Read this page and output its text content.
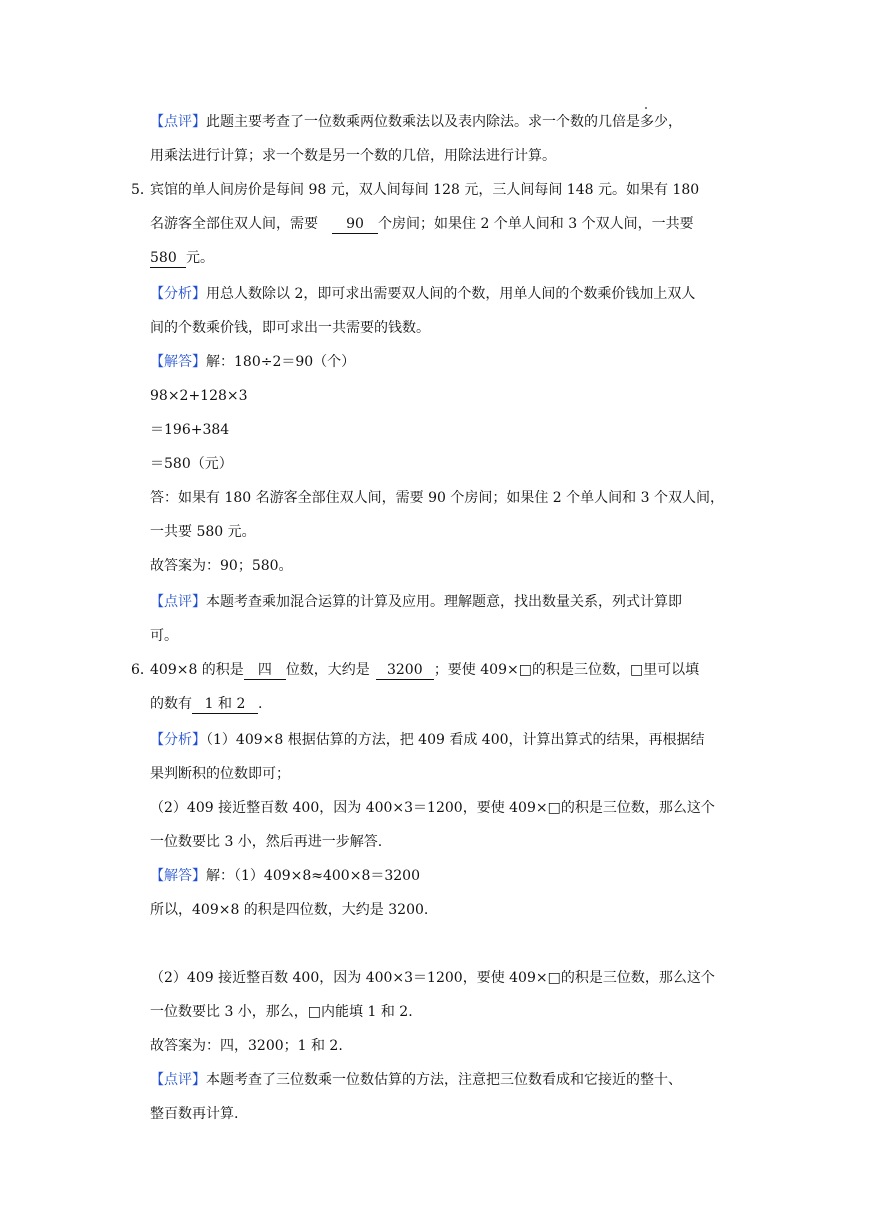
【点评】此题主要考查了一位数乘两位数乘法以及表内除法。求一个数的几倍是多少，
用乘法进行计算；求一个数是另一个数的几倍，用除法进行计算。
5．
宾馆的单人间房价是每间 98 元，双人间每间 128 元，三人间每间 148 元。如果有 180
名游客全部住双人间，需要 90 个房间；如果住 2 个单人间和 3 个双人间，一共要
580 元。
【分析】用总人数除以 2，即可求出需要双人间的个数，用单人间的个数乘价钱加上双人
间的个数乘价钱，即可求出一共需要的钱数。
【解答】解：180÷2＝90（个）
98×2+128×3
＝196+384
＝580（元）
答：如果有 180 名游客全部住双人间，需要 90 个房间；如果住 2 个单人间和 3 个双人间，
一共要 580 元。
故答案为：90；580。
【点评】本题考查乘加混合运算的计算及应用。理解题意，找出数量关系，列式计算即
可。
6．
409×8 的积是 四 位数，大约是 3200 ；要使 409×□的积是三位数，□里可以填
的数有 1 和 2 .
【分析】（1）409×8 根据估算的方法，把 409 看成 400，计算出算式的结果，再根据结
果判断积的位数即可；
（2）409 接近整百数 400，因为 400×3＝1200，要使 409×□的积是三位数，那么这个
一位数要比 3 小，然后再进一步解答.
【解答】解：（1）409×8≈400×8＝3200
所以，409×8 的积是四位数，大约是 3200.
（2）409 接近整百数 400，因为 400×3＝1200，要使 409×□的积是三位数，那么这个
一位数要比 3 小，那么，□内能填 1 和 2.
故答案为：四，3200；1 和 2.
【点评】本题考查了三位数乘一位数估算的方法，注意把三位数看成和它接近的整十、
整百数再计算.
